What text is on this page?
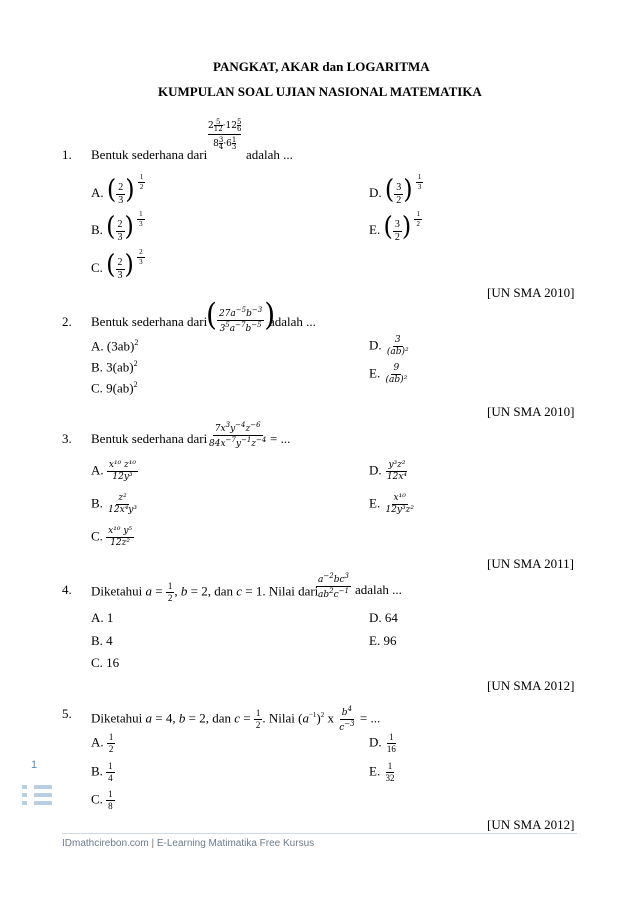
PANGKAT, AKAR dan LOGARITMA
KUMPULAN SOAL UJIAN NASIONAL MATEMATIKA
1. Bentuk sederhana dari
2 $^{\frac{5}{12}}$ ·12 $^{\frac{5}{6}}$
8 $^{\frac{3}{4}}$ ·6 $^{\frac{1}{3}}$
adalah ...
A. ( $\frac{2}{3}$ ) $\frac{1}{2}$
B. ( $\frac{2}{3}$ ) $\frac{1}{3}$
C. ( $\frac{2}{3}$ ) $\frac{2}{3}$
D. ( $\frac{3}{2}$ ) $\frac{1}{3}$
E. ( $\frac{3}{2}$ ) $\frac{1}{2}$
[UN SMA 2010]
2. Bentuk sederhana dari
( $\frac{27a^{-5}b^{-3}}{3^5a^{-7}b^{-5}}$ )
adalah ...
A. $(3ab)^2$
B. 3(ab)$^2$
C. 9(ab)$^2$
D. $\frac{3}{\text{(ab)²}}$
E. $\frac{9}{\text{(ab)²}}$
[UN SMA 2010]
3. Bentuk sederhana dari $\frac{7x^3y^{-4}z^{-6}}{84x^{-7}y^{-1}z^{-4}}$ = ...
A. $\frac{\text{x¹⁰ z¹⁰}}{\text{12y³}}$
B. $\frac{\text{z²}}{\text{12x⁴y³}}$
C. $\frac{\text{x¹⁰ y⁵}}{\text{12z²}}$
D. $\frac{\text{y³z²}}{\text{12x⁴}}$
E. $\frac{\text{x¹⁰}}{\text{12y³z²}}$
[UN SMA 2011]
4. Diketahui $a = \frac{1}{2}$ , b = 2, dan c = 1. Nilai dari
$\frac{a^{-2}bc^3}{ab^2c^{-1}}$ adalah ...
A. 1
B. 4
C. 16
D. 64
E. 96
[UN SMA 2012]
5. Diketahui a = 4, b = 2, dan $c = \frac{1}{2}$ . Nilai $(a^{-1})^2$ x $\frac{b^4}{c^{-3}}$ = ...
A. $\frac{1}{2}$
B. $\frac{1}{4}$
C. $\frac{1}{8}$
D. $\frac{1}{16}$
E. $\frac{1}{32}$
[UN SMA 2012]
1
IDmathcirebon.com | E-Learning Matimatika Free Kursus
